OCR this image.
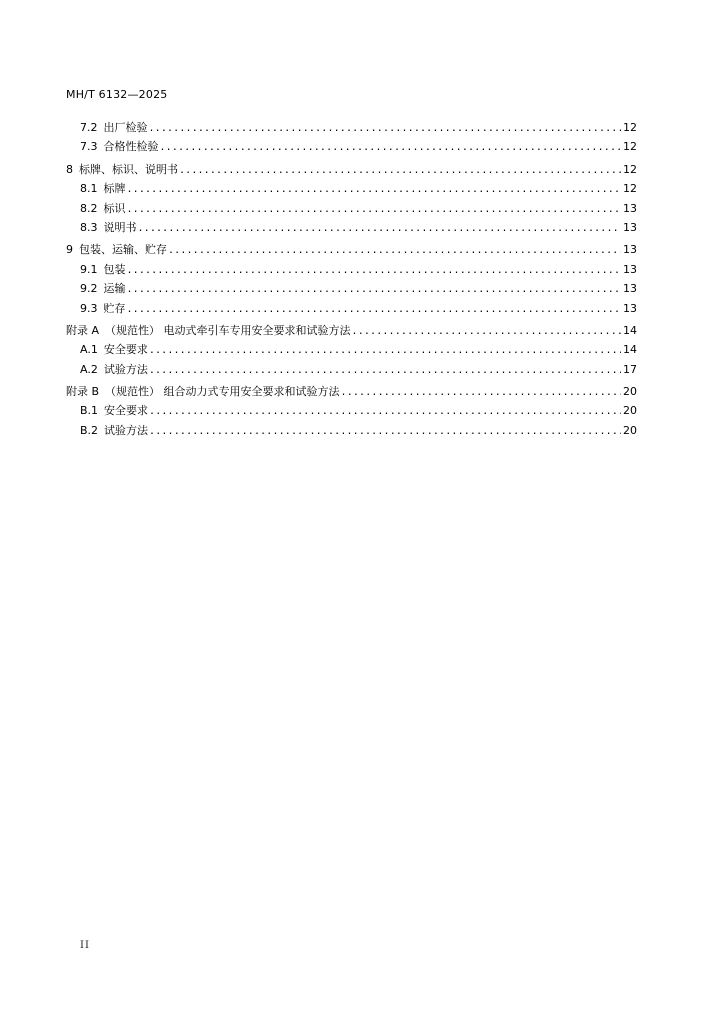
MH/T 6132—2025
7.2 出厂检验 .....	12
7.3 合格性检验 .....	12
8 标牌、标识、说明书 .....	12
8.1 标牌 .....	12
8.2 标识 .....	13
8.3 说明书 .....	13
9 包装、运输、贮存 .....	13
9.1 包装 .....	13
9.2 运输 .....	13
9.3 贮存 .....	13
附录 A （规范性） 电动式牵引车专用安全要求和试验方法 .....	14
A.1 安全要求 .....	14
A.2 试验方法 .....	17
附录 B （规范性） 组合动力式专用安全要求和试验方法 .....	20
B.1 安全要求 .....	20
B.2 试验方法 .....	20
II
